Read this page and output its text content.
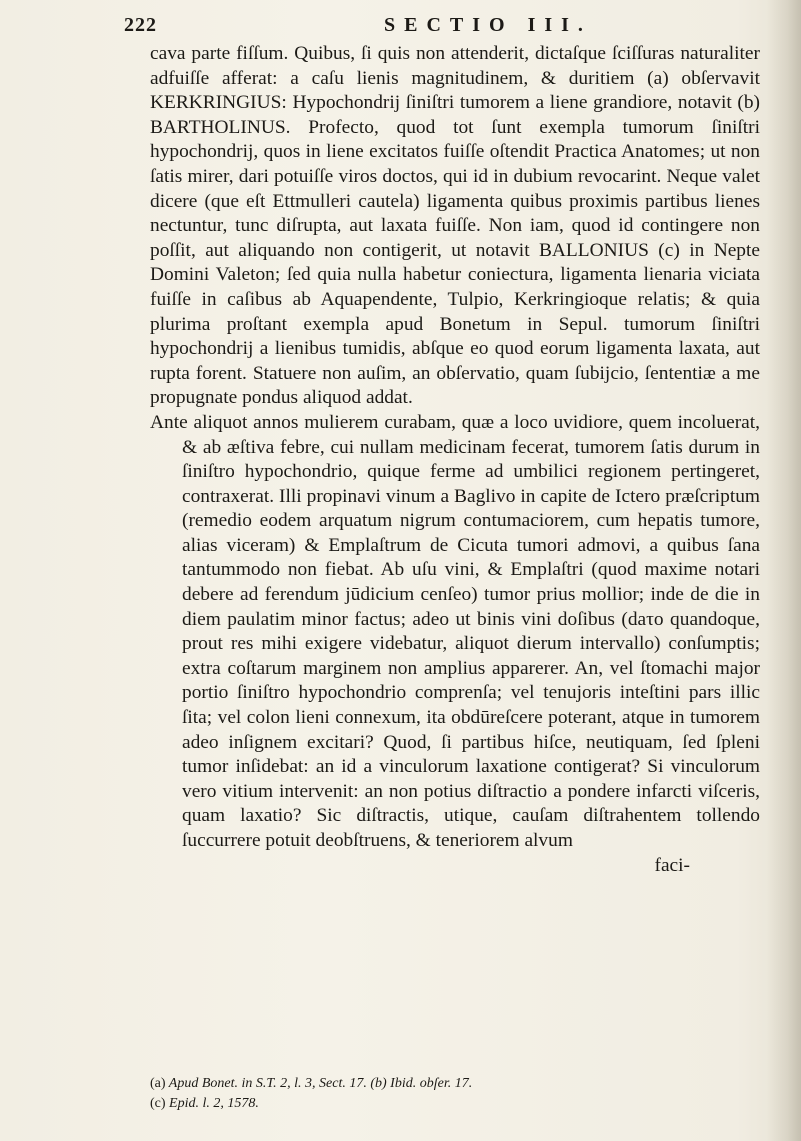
222	SECTIO III.

cava parte fiſſum. Quibus, ſi quis non attenderit, dictaſque ſciſſuras naturaliter adfuiſſe afferat: a caſu lienis magnitudinem, & duritiem (a) obſervavit KERKRINGIUS: Hypochondrij ſiniſtri tumorem a liene grandiore, notavit (b) BARTHOLINUS. Profecto, quod tot ſunt exempla tumorum ſiniſtri hypochondrij, quos in liene excitatos fuiſſe oſtendit Practica Anatomes; ut non ſatis mirer, dari potuiſſe viros doctos, qui id in dubium revocarint. Neque valet dicere (que eſt Ettmulleri cautela) ligamenta quibus proximis partibus lienes nectuntur, tunc diſrupta, aut laxata fuiſſe. Non iam, quod id contingere non poſſit, aut aliquando non contigerit, ut notavit BALLONIUS (c) in Nepte Domini Valeton; ſed quia nulla habetur coniectura, ligamenta lienaria viciata fuiſſe in caſibus ab Aquapendente, Tulpio, Kerkringioque relatis; & quia plurima proſtant exempla apud Bonetum in Sepul. tumorum ſiniſtri hypochondrij a lienibus tumidis, abſque eo quod eorum ligamenta laxata, aut rupta forent. Statuere non auſim, an obſervatio, quam ſubijcio, ſententiæ a me propugnate pondus aliquod addat.

Ante aliquot annos mulierem curabam, quæ a loco uvidiore, quem incoluerat, & ab æſtiva febre, cui nullam medicinam fecerat, tumorem ſatis durum in ſiniſtro hypochondrio, quique ferme ad umbilici regionem pertingeret, contraxerat. Illi propinavi vinum a Baglivo in capite de Ictero præſcriptum (remedio eodem arquatum nigrum contumaciorem, cum hepatis tumore, alias viceram) & Emplaſtrum de Cicuta tumori admovi, a quibus ſana tantummodo non fiebat. Ab uſu vini, & Emplaſtri (quod maxime notari debere ad ferendum jūdicium cenſeo) tumor prius mollior; inde de die in diem paulatim minor factus; adeo ut binis vini doſibus (daτo quandoque, prout res mihi exigere videbatur, aliquot dierum intervallo) conſumptis; extra coſtarum marginem non amplius apparerer. An, vel ſtomachi major portio ſiniſtro hypochondrio comprenſa; vel tenujoris inteſtini pars illic ſita; vel colon lieni connexum, ita obdūreſcere poterant, atque in tumorem adeo inſignem excitari? Quod, ſi partibus hiſce, neutiquam, ſed ſpleni tumor inſidebat: an id a vinculorum laxatione contigerat? Si vinculorum vero vitium intervenit: an non potius diſtractio a pondere infarcti viſceris, quam laxatio? Sic diſtractis, utique, cauſam diſtrahentem tollendo ſuccurrere potuit deobſtruens, & teneriorem alvum

faci-

(a) Apud Bonet. in S.T. 2, l. 3, Sect. 17. (b) Ibid. obſer. 17.
(c) Epid. l. 2, 1578.
